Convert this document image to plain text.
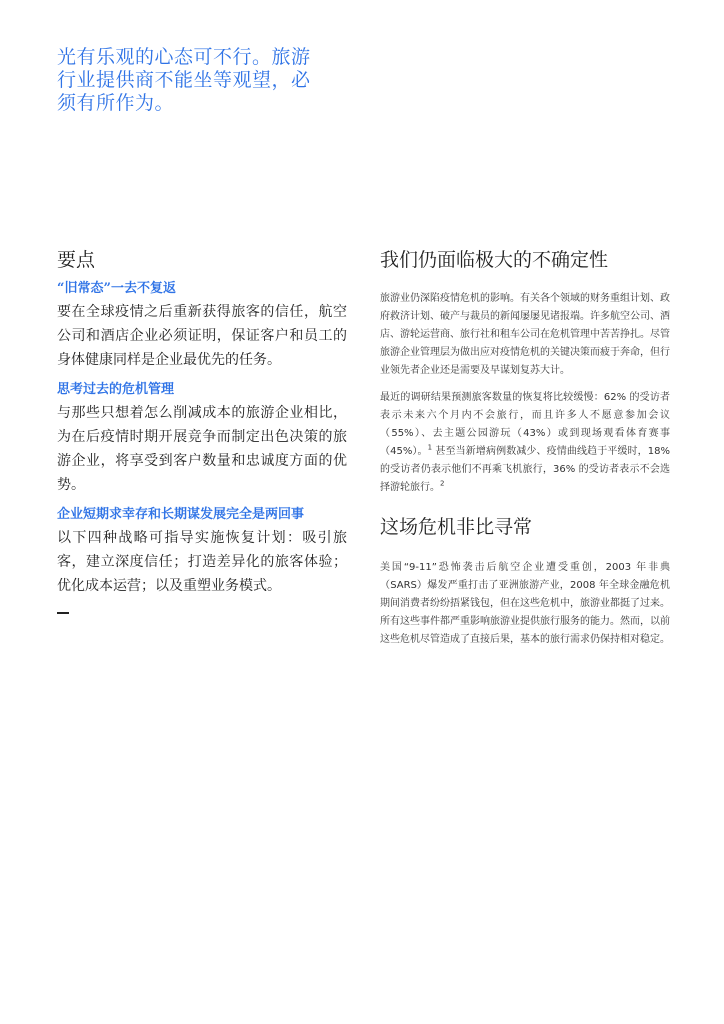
光有乐观的心态可不行。旅游行业提供商不能坐等观望，必须有所作为。
要点
“旧常态”一去不复返

要在全球疫情之后重新获得旅客的信任，航空公司和酒店企业必须证明，保证客户和员工的身体健康同样是企业最优先的任务。

思考过去的危机管理

与那些只想着怎么削减成本的旅游企业相比，为在后疫情时期开展竞争而制定出色决策的旅游企业，将享受到客户数量和忠诚度方面的优势。

企业短期求幸存和长期谋发展完全是两回事

以下四种战略可指导实施恢复计划：吸引旅客，建立深度信任；打造差异化的旅客体验；优化成本运营；以及重塑业务模式。

我们仍面临极大的不确定性

旅游业仍深陷疫情危机的影响。有关各个领域的财务重组计划、政府救济计划、破产与裁员的新闻屡屡见诸报端。许多航空公司、酒店、游轮运营商、旅行社和租车公司在危机管理中苦苦挣扎。尽管旅游企业管理层为做出应对疫情危机的关键决策而疲于奔命，但行业领先者企业还是需要及早谋划复苏大计。

最近的调研结果预测旅客数量的恢复将比较缓慢：62% 的受访者表示未来六个月内不会旅行，而且许多人不愿意参加会议（55%）、去主题公园游玩（43%）或到现场观看体育赛事（45%）。$^1$ 甚至当新增病例数减少、疫情曲线趋于平缓时，18% 的受访者仍表示他们不再乘飞机旅行，36% 的受访者表示不会选择游轮旅行。$^2$

这场危机非比寻常

美国“9-11”恐怖袭击后航空企业遭受重创，2003 年非典（SARS）爆发严重打击了亚洲旅游产业，2008 年全球金融危机期间消费者纷纷捂紧钱包，但在这些危机中，旅游业都挺了过来。所有这些事件都严重影响旅游业提供旅行服务的能力。然而，以前这些危机尽管造成了直接后果，基本的旅行需求仍保持相对稳定。
